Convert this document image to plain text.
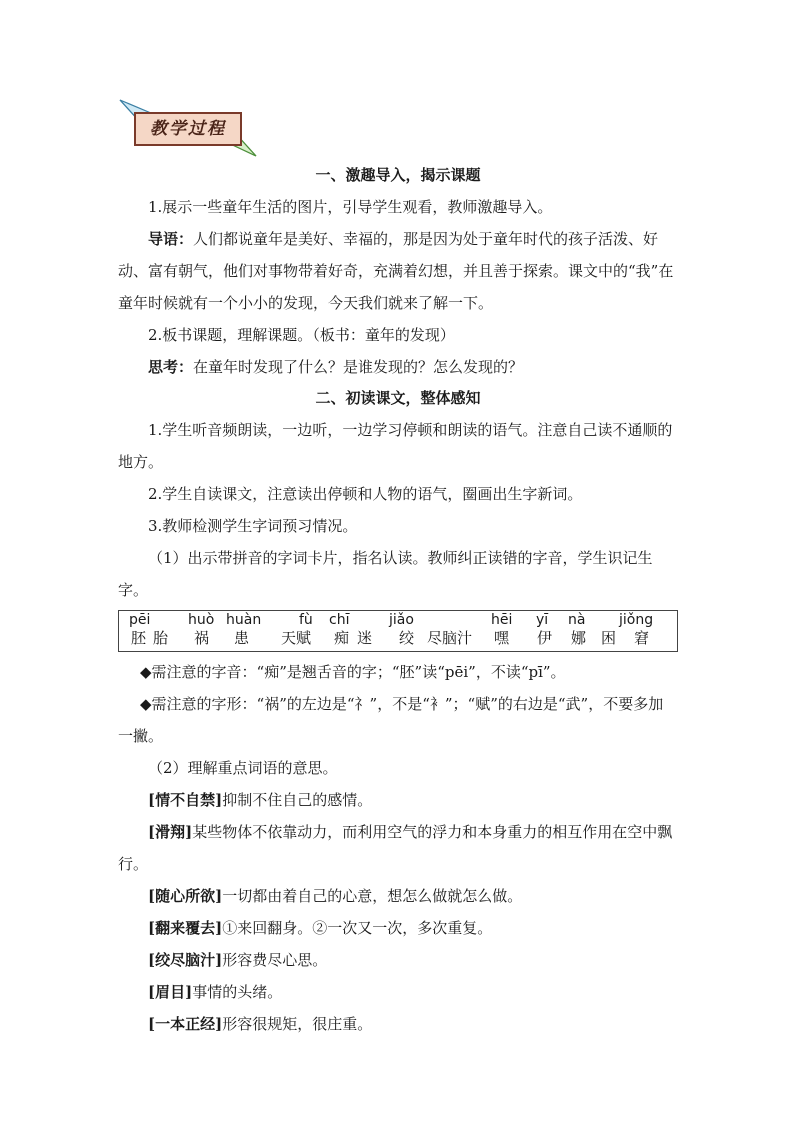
教学过程
一、激趣导入，揭示课题

1.展示一些童年生活的图片，引导学生观看，教师激趣导入。

导语：人们都说童年是美好、幸福的，那是因为处于童年时代的孩子活泼、好动、富有朝气，他们对事物带着好奇，充满着幻想，并且善于探索。课文中的“我”在童年时候就有一个小小的发现，今天我们就来了解一下。

2.板书课题，理解课题。（板书：童年的发现）

思考：在童年时发现了什么？是谁发现的？怎么发现的？

二、初读课文，整体感知

1.学生听音频朗读，一边听，一边学习停顿和朗读的语气。注意自己读不通顺的地方。

2.学生自读课文，注意读出停顿和人物的语气，圈画出生字新词。

3.教师检测学生字词预习情况。

（1）出示带拼音的字词卡片，指名认读。教师纠正读错的字音，学生识记生字。

pēi	huò huàn	fù chī	jiǎo	hēi yī nà jiǒng
胚 胎 祸 患 天赋 痴 迷 绞 尽脑汁 嘿 伊 娜 困 窘

◆需注意的字音：“痴”是翘舌音的字；“胚”读“pēi”，不读“pī”。

◆需注意的字形：“祸”的左边是“礻”，不是“衤”；“赋”的右边是“武”，不要多加一撇。

（2）理解重点词语的意思。

[情不自禁]抑制不住自己的感情。

[滑翔]某些物体不依靠动力，而利用空气的浮力和本身重力的相互作用在空中飘行。

[随心所欲]一切都由着自己的心意，想怎么做就怎么做。

[翻来覆去]①来回翻身。②一次又一次，多次重复。

[绞尽脑汁]形容费尽心思。

[眉目]事情的头绪。

[一本正经]形容很规矩，很庄重。
